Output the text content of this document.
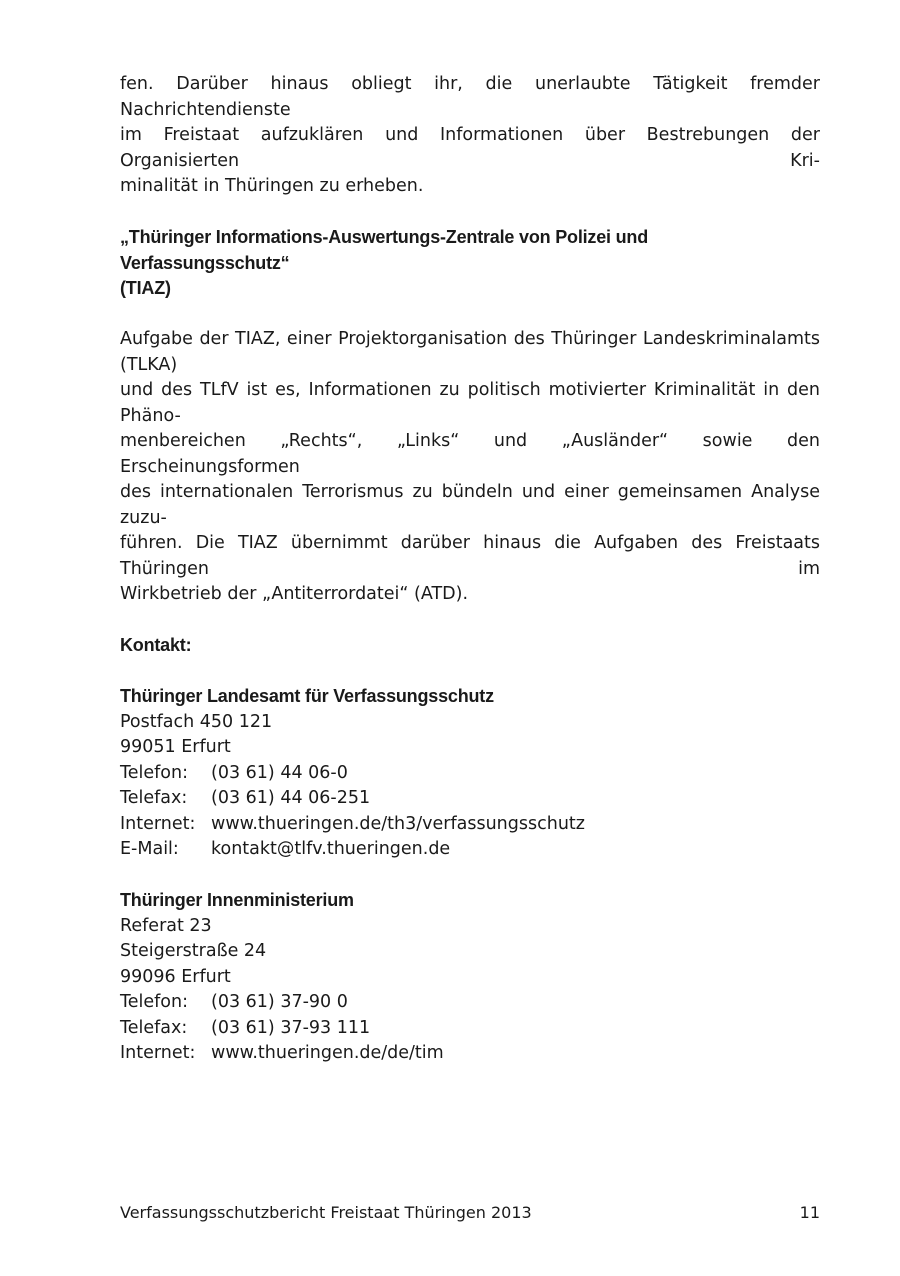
fen. Darüber hinaus obliegt ihr, die unerlaubte Tätigkeit fremder Nachrichtendienste
im Freistaat aufzuklären und Informationen über Bestrebungen der Organisierten Kri-
minalität in Thüringen zu erheben.

„Thüringer Informations-Auswertungs-Zentrale von Polizei und Verfassungsschutz“
(TIAZ)

Aufgabe der TIAZ, einer Projektorganisation des Thüringer Landeskriminalamts (TLKA)
und des TLfV ist es, Informationen zu politisch motivierter Kriminalität in den Phäno-
menbereichen „Rechts“, „Links“ und „Ausländer“ sowie den Erscheinungsformen
des internationalen Terrorismus zu bündeln und einer gemeinsamen Analyse zuzu-
führen. Die TIAZ übernimmt darüber hinaus die Aufgaben des Freistaats Thüringen im
Wirkbetrieb der „Antiterrordatei“ (ATD).

Kontakt:
Thüringer Landesamt für Verfassungsschutz

Postfach 450 121

99051 Erfurt

Telefon:	(03 61) 44 06-0
Telefax:	(03 61) 44 06-251
Internet: www.thueringen.de/th3/verfassungsschutz
E-Mail:	kontakt@tlfv.thueringen.de
Thüringer Innenministerium

Referat 23

Steigerstraße 24

99096 Erfurt

Telefon:	(03 61) 37-90 0
Telefax:	(03 61) 37-93 111
Internet: www.thueringen.de/de/tim
Verfassungsschutzbericht Freistaat Thüringen 2013	11
